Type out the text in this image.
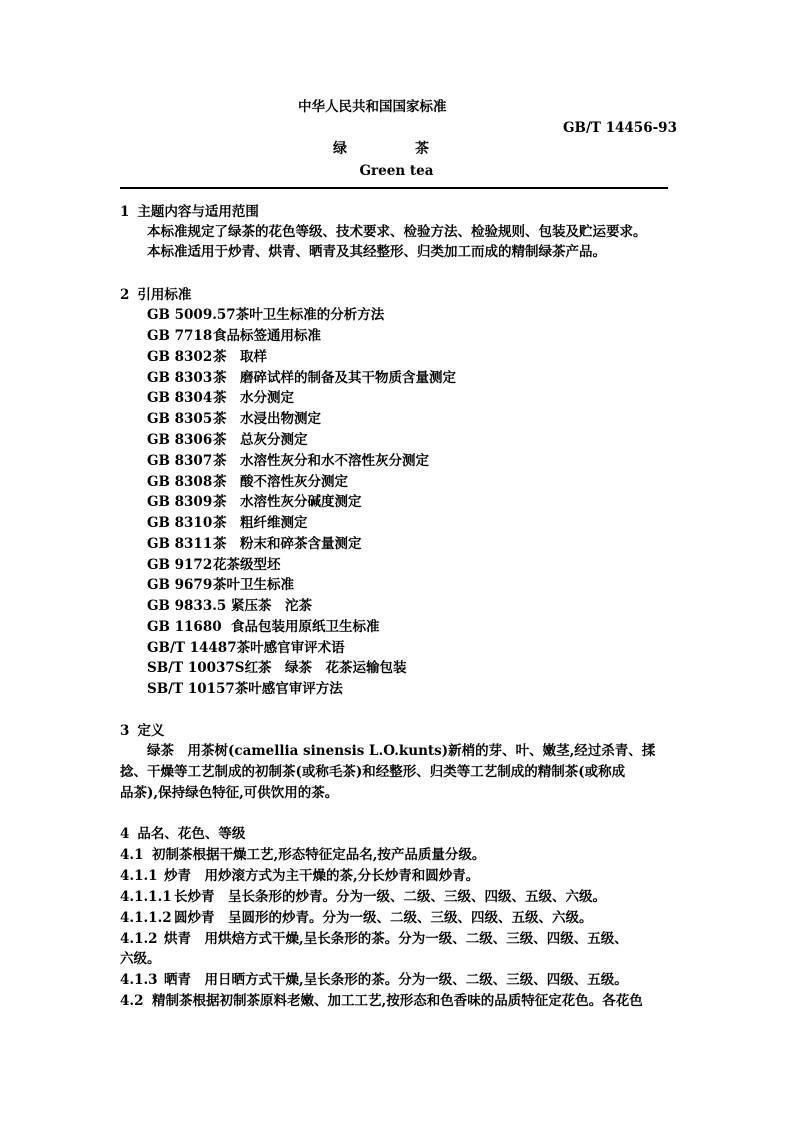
中华人民共和国国家标准
GB/T 14456-93
绿	茶
Green tea
1 主题内容与适用范围
本标准规定了绿茶的花色等级、技术要求、检验方法、检验规则、包装及贮运要求。
本标准适用于炒青、烘青、晒青及其经整形、归类加工而成的精制绿茶产品。
2 引用标准
GB 5009.57茶叶卫生标准的分析方法
GB 7718食品标签通用标准
GB 8302茶　取样
GB 8303茶　磨碎试样的制备及其干物质含量测定
GB 8304茶　水分测定
GB 8305茶　水浸出物测定
GB 8306茶　总灰分测定
GB 8307茶　水溶性灰分和水不溶性灰分测定
GB 8308茶　酸不溶性灰分测定
GB 8309茶　水溶性灰分碱度测定
GB 8310茶　粗纤维测定
GB 8311茶　粉末和碎茶含量测定
GB 9172花茶级型坯
GB 9679茶叶卫生标准
GB 9833.5 紧压茶　沱茶
GB 11680 食品包装用原纸卫生标准
GB/T 14487茶叶感官审评术语
SB/T 10037S红茶　绿茶　花茶运输包装
SB/T 10157茶叶感官审评方法
3 定义
绿茶　用茶树(camellia sinensis L.O.kunts)新梢的芽、叶、嫩茎,经过杀青、揉
捻、干燥等工艺制成的初制茶(或称毛茶)和经整形、归类等工艺制成的精制茶(或称成
品茶),保持绿色特征,可供饮用的茶。
4 品名、花色、等级
4.1 初制茶根据干燥工艺,形态特征定品名,按产品质量分级。
4.1.1 炒青　用炒滚方式为主干燥的茶,分长炒青和圆炒青。
4.1.1.1 长炒青　呈长条形的炒青。分为一级、二级、三级、四级、五级、六级。
4.1.1.2 圆炒青　呈圆形的炒青。分为一级、二级、三级、四级、五级、六级。
4.1.2 烘青　用烘焙方式干燥,呈长条形的茶。分为一级、二级、三级、四级、五级、
六级。
4.1.3 晒青　用日晒方式干燥,呈长条形的茶。分为一级、二级、三级、四级、五级。
4.2 精制茶根据初制茶原料老嫩、加工工艺,按形态和色香味的品质特征定花色。各花色
